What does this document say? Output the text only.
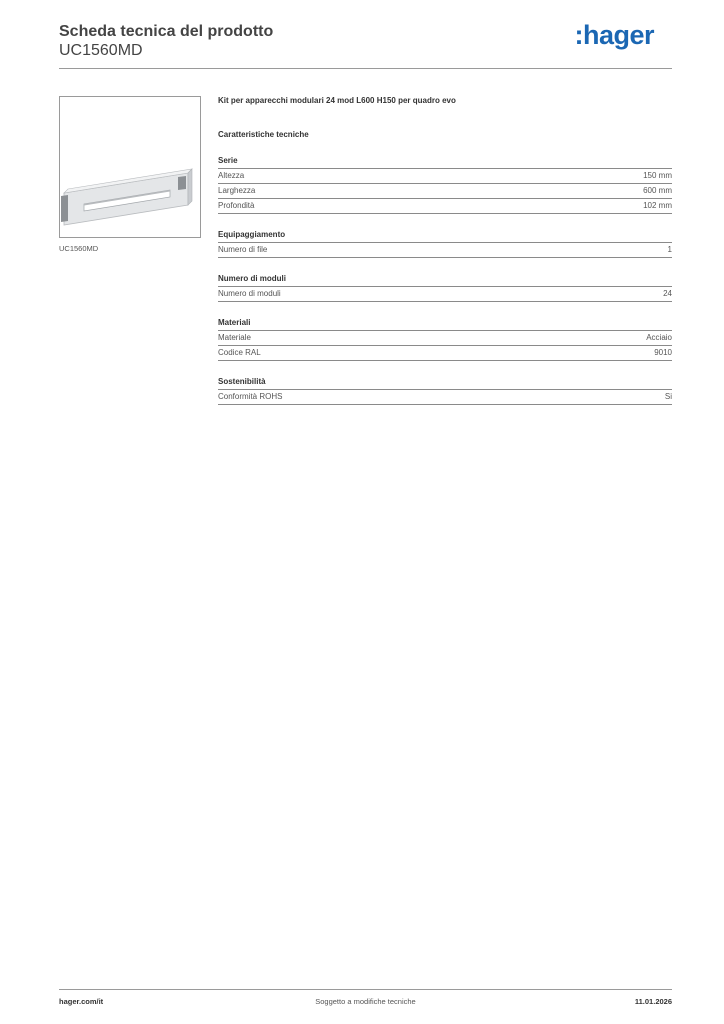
Scheda tecnica del prodotto
UC1560MD
:hager
UC1560MD
Kit per apparecchi modulari 24 mod L600 H150 per quadro evo
Caratteristiche tecniche
Serie
Altezza	150 mm
Larghezza	600 mm
Profondità	102 mm
Equipaggiamento
Numero di file	1
Numero di moduli
Numero di moduli	24
Materiali
Materiale	Acciaio
Codice RAL	9010
Sostenibilità
Conformità ROHS	Si
hager.com/it	Soggetto a modifiche tecniche	11.01.2026
